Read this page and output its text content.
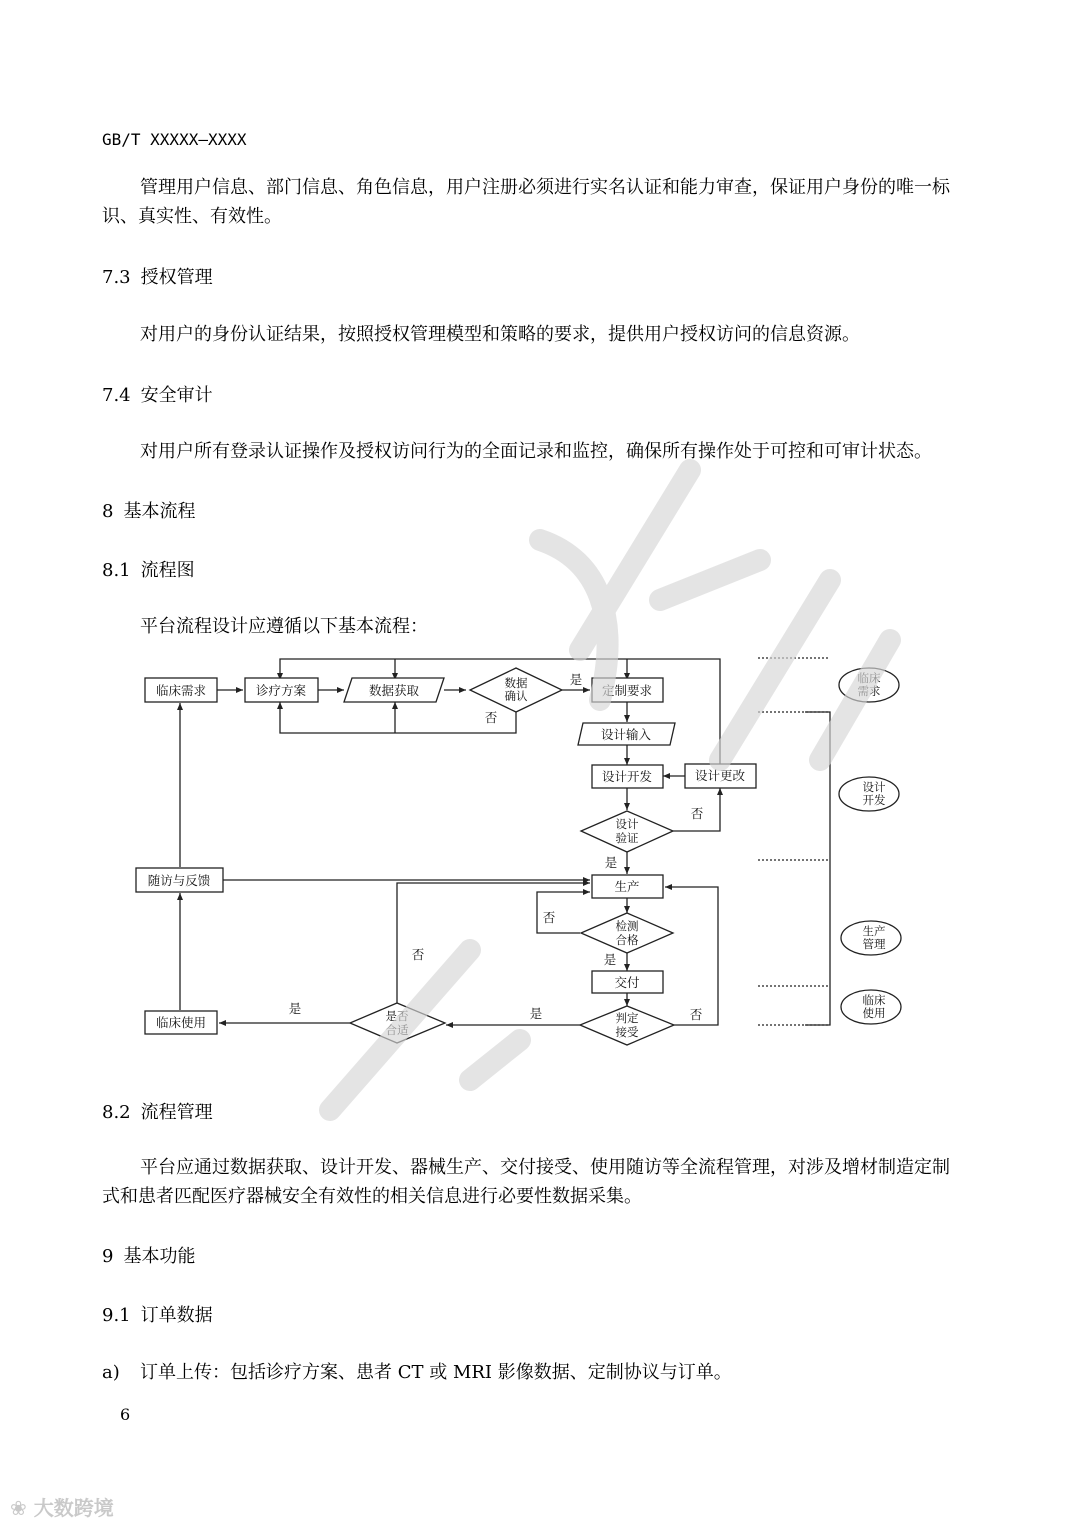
GB/T XXXXX—XXXX
管理用户信息、部门信息、角色信息，用户注册必须进行实名认证和能力审查，保证用户身份的唯一标识、真实性、有效性。
7.3 授权管理
对用户的身份认证结果，按照授权管理模型和策略的要求，提供用户授权访问的信息资源。
7.4 安全审计
对用户所有登录认证操作及授权访问行为的全面记录和监控，确保所有操作处于可控和可审计状态。
8 基本流程
8.1 流程图
平台流程设计应遵循以下基本流程：
临床需求	诊疗方案	数据获取	数据
确认	定制要求
设计输入
设计开发	设计更改
设计
验证
随访与反馈	生产
检测
合格
交付
判定
接受
是否
合适
临床使用
是
否
否
是
否
是
否
是
否
是
临床
需求
设计
开发
生产
管理
临床
使用
8.2 流程管理
平台应通过数据获取、设计开发、器械生产、交付接受、使用随访等全流程管理，对涉及增材制造定制式和患者匹配医疗器械安全有效性的相关信息进行必要性数据采集。
9 基本功能
9.1 订单数据
a) 订单上传：包括诊疗方案、患者 CT 或 MRI 影像数据、定制协议与订单。
6
❀ 大数跨境
